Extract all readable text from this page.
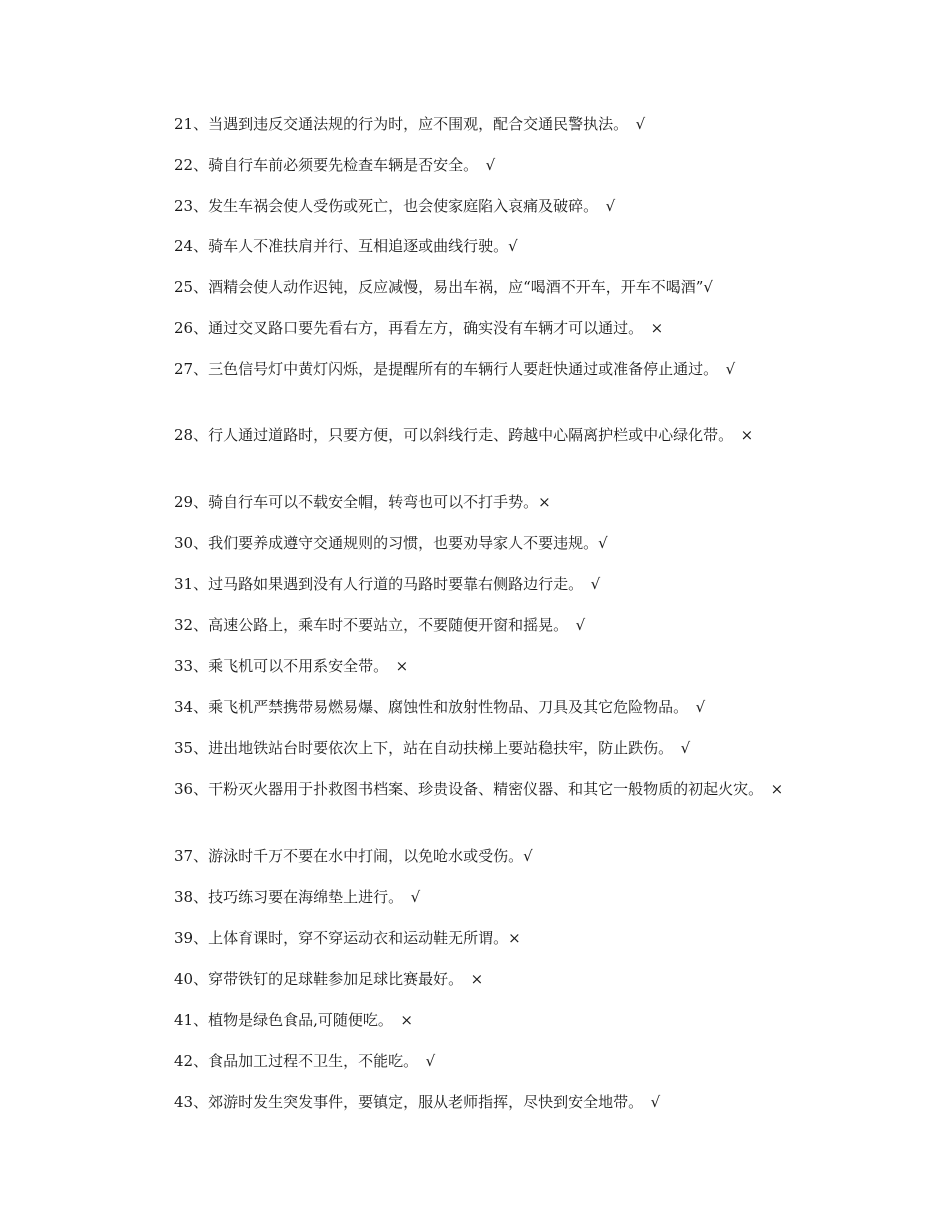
21、当遇到违反交通法规的行为时，应不围观，配合交通民警执法。　√

22、骑自行车前必须要先检查车辆是否安全。　√

23、发生车祸会使人受伤或死亡，也会使家庭陷入哀痛及破碎。　√

24、骑车人不准扶肩并行、互相追逐或曲线行驶。√

25、酒精会使人动作迟钝，反应减慢，易出车祸，应“喝酒不开车，开车不喝酒”√

26、通过交叉路口要先看右方，再看左方，确实没有车辆才可以通过。　×

27、三色信号灯中黄灯闪烁，是提醒所有的车辆行人要赶快通过或准备停止通过。　√

28、行人通过道路时，只要方便，可以斜线行走、跨越中心隔离护栏或中心绿化带。　×

29、骑自行车可以不载安全帽，转弯也可以不打手势。×

30、我们要养成遵守交通规则的习惯，也要劝导家人不要违规。√

31、过马路如果遇到没有人行道的马路时要靠右侧路边行走。　√

32、高速公路上，乘车时不要站立，不要随便开窗和摇晃。　√

33、乘飞机可以不用系安全带。　×

34、乘飞机严禁携带易燃易爆、腐蚀性和放射性物品、刀具及其它危险物品。　√

35、进出地铁站台时要依次上下，站在自动扶梯上要站稳扶牢，防止跌伤。　√

36、干粉灭火器用于扑救图书档案、珍贵设备、精密仪器、和其它一般物质的初起火灾。　×

37、游泳时千万不要在水中打闹，以免呛水或受伤。√

38、技巧练习要在海绵垫上进行。　√

39、上体育课时，穿不穿运动衣和运动鞋无所谓。×

40、穿带铁钉的足球鞋参加足球比赛最好。　×

41、植物是绿色食品,可随便吃。　×

42、食品加工过程不卫生，不能吃。　√

43、郊游时发生突发事件，要镇定，服从老师指挥，尽快到安全地带。　√
